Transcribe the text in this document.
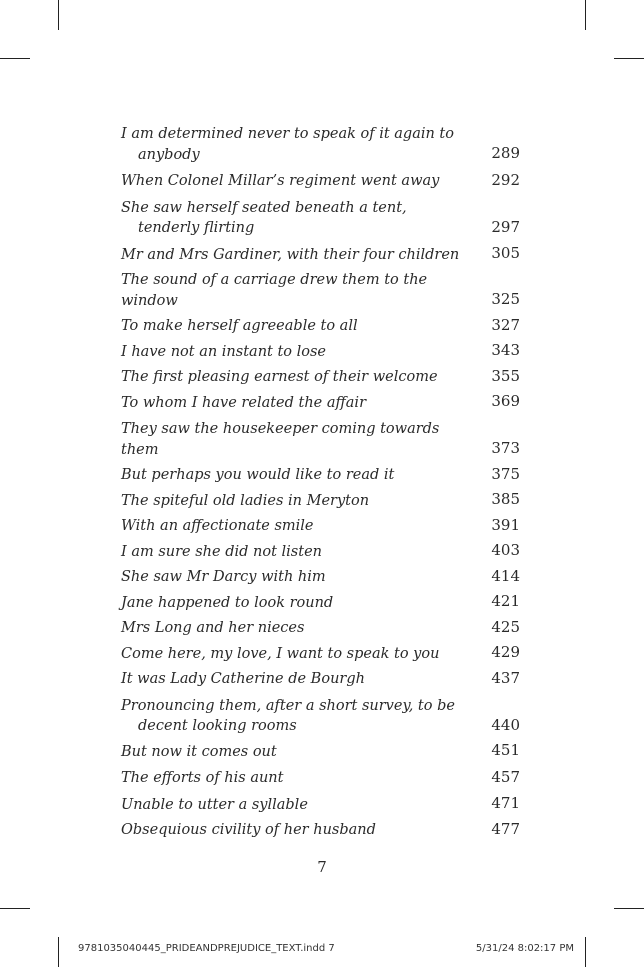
I am determined never to speak of it again to
anybody	289
When Colonel Millar’s regiment went away	292
She saw herself seated beneath a tent,
tenderly flirting	297
Mr and Mrs Gardiner, with their four children	305
The sound of a carriage drew them to the window	325
To make herself agreeable to all	327
I have not an instant to lose	343
The first pleasing earnest of their welcome	355
To whom I have related the affair	369
They saw the housekeeper coming towards them	373
But perhaps you would like to read it	375
The spiteful old ladies in Meryton	385
With an affectionate smile	391
I am sure she did not listen	403
She saw Mr Darcy with him	414
Jane happened to look round	421
Mrs Long and her nieces	425
Come here, my love, I want to speak to you	429
It was Lady Catherine de Bourgh	437
Pronouncing them, after a short survey, to be
decent looking rooms	440
But now it comes out	451
The efforts of his aunt	457
Unable to utter a syllable	471
Obsequious civility of her husband	477
7
9781035040445_PRIDEANDPREJUDICE_TEXT.indd 7	5/31/24 8:02:17 PM
